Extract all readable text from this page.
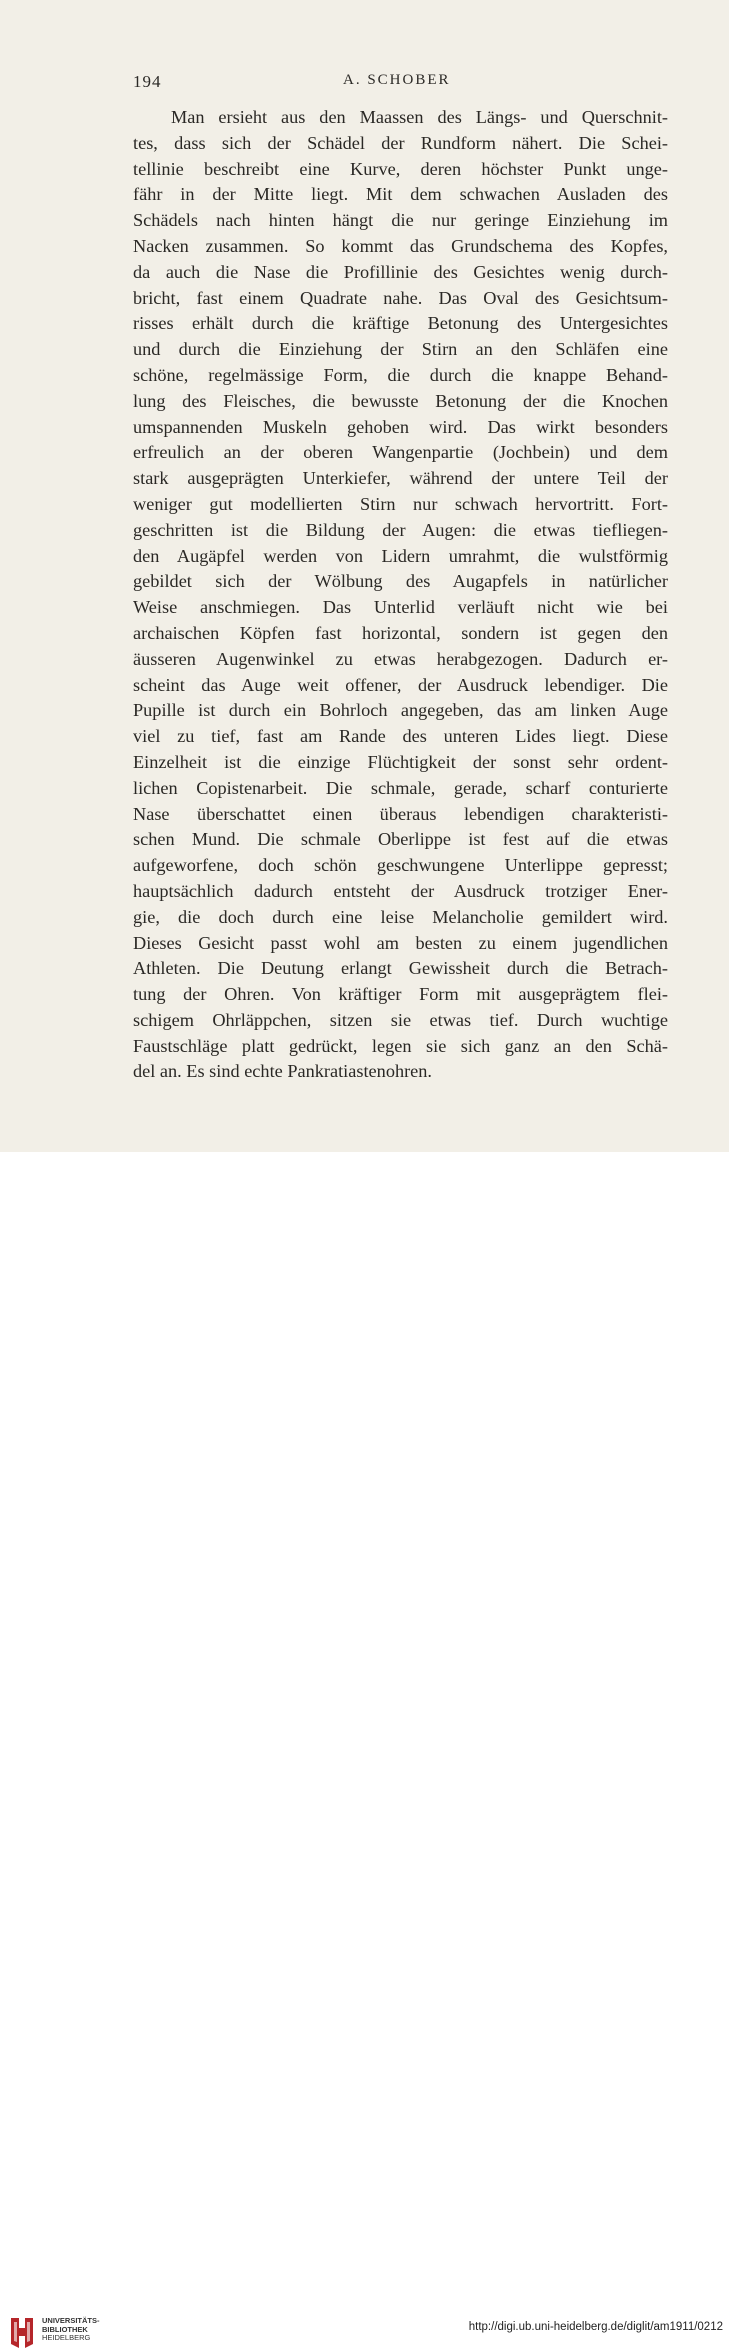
194	A. SCHOBER
Man ersieht aus den Maassen des Längs- und Querschnit-
tes, dass sich der Schädel der Rundform nähert. Die Schei-
tellinie beschreibt eine Kurve, deren höchster Punkt unge-
fähr in der Mitte liegt. Mit dem schwachen Ausladen des
Schädels nach hinten hängt die nur geringe Einziehung im
Nacken zusammen. So kommt das Grundschema des Kopfes,
da auch die Nase die Profillinie des Gesichtes wenig durch-
bricht, fast einem Quadrate nahe. Das Oval des Gesichtsum-
risses erhält durch die kräftige Betonung des Untergesichtes
und durch die Einziehung der Stirn an den Schläfen eine
schöne, regelmässige Form, die durch die knappe Behand-
lung des Fleisches, die bewusste Betonung der die Knochen
umspannenden Muskeln gehoben wird. Das wirkt besonders
erfreulich an der oberen Wangenpartie (Jochbein) und dem
stark ausgeprägten Unterkiefer, während der untere Teil der
weniger gut modellierten Stirn nur schwach hervortritt. Fort-
geschritten ist die Bildung der Augen: die etwas tiefliegen-
den Augäpfel werden von Lidern umrahmt, die wulstförmig
gebildet sich der Wölbung des Augapfels in natürlicher
Weise anschmiegen. Das Unterlid verläuft nicht wie bei
archaischen Köpfen fast horizontal, sondern ist gegen den
äusseren Augenwinkel zu etwas herabgezogen. Dadurch er-
scheint das Auge weit offener, der Ausdruck lebendiger. Die
Pupille ist durch ein Bohrloch angegeben, das am linken Auge
viel zu tief, fast am Rande des unteren Lides liegt. Diese
Einzelheit ist die einzige Flüchtigkeit der sonst sehr ordent-
lichen Copistenarbeit. Die schmale, gerade, scharf conturierte
Nase überschattet einen überaus lebendigen charakteristi-
schen Mund. Die schmale Oberlippe ist fest auf die etwas
aufgeworfene, doch schön geschwungene Unterlippe gepresst;
hauptsächlich dadurch entsteht der Ausdruck trotziger Ener-
gie, die doch durch eine leise Melancholie gemildert wird.
Dieses Gesicht passt wohl am besten zu einem jugendlichen
Athleten. Die Deutung erlangt Gewissheit durch die Betrach-
tung der Ohren. Von kräftiger Form mit ausgeprägtem flei-
schigem Ohrläppchen, sitzen sie etwas tief. Durch wuchtige
Faustschläge platt gedrückt, legen sie sich ganz an den Schä-
del an. Es sind echte Pankratiastenohren.
UNIVERSITÄTS-
BIBLIOTHEK
HEIDELBERG
http://digi.ub.uni-heidelberg.de/diglit/am1911/0212
